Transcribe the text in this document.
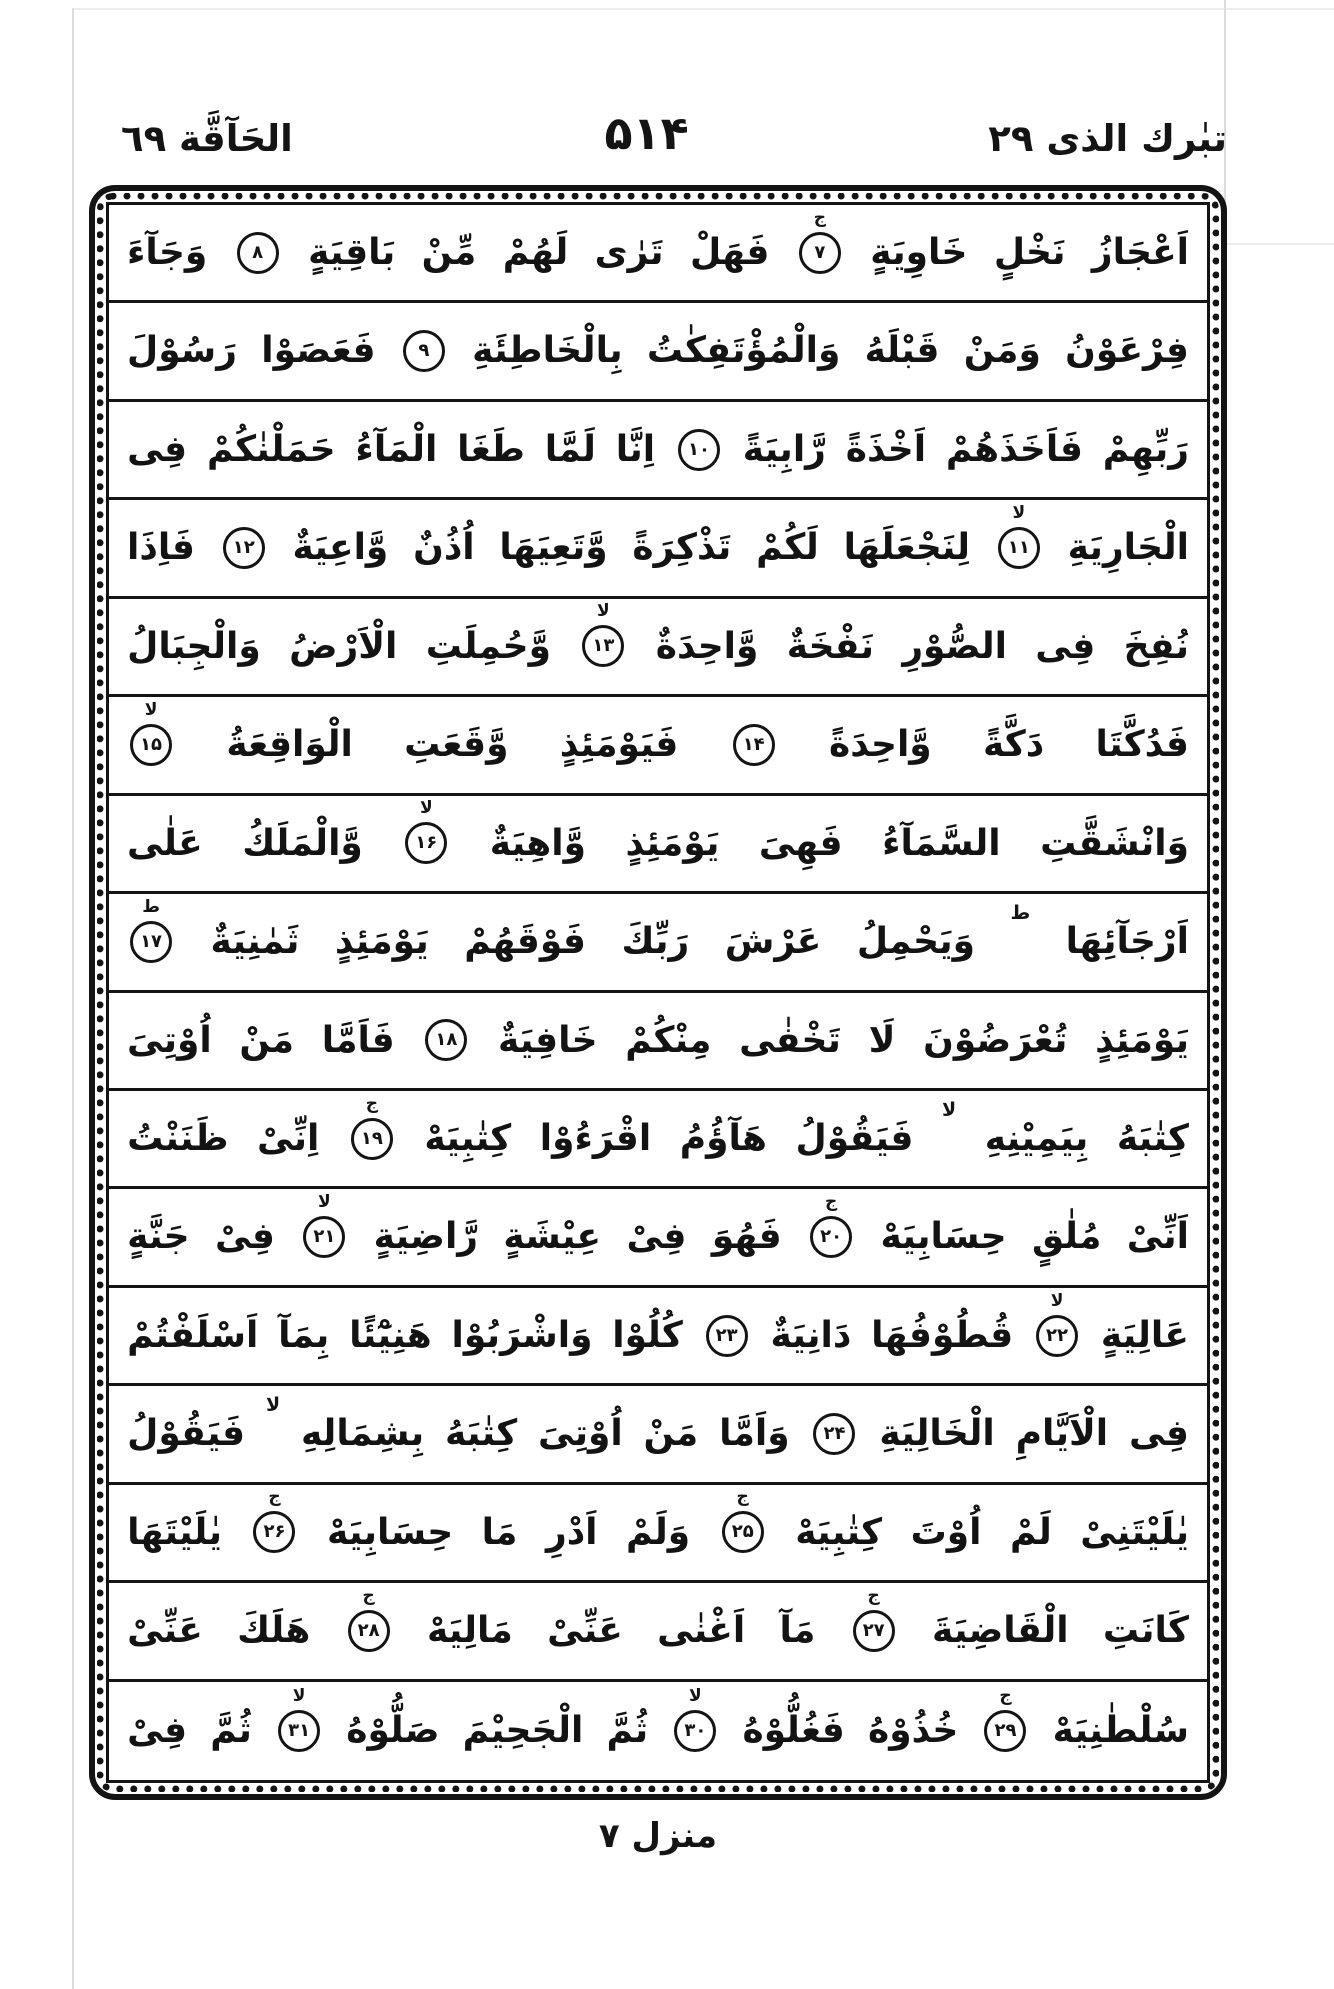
الحَآقَّة ٦٩	۵۱۴	تبٰرك الذى ٢٩
اَعْجَازُ
نَخْلٍ
خَاوِيَةٍ
ج
۷
فَهَلْ
تَرٰى
لَهُمْ
مِّنْ
بَاقِيَةٍ
۸
وَجَآءَ
فِرْعَوْنُ
وَمَنْ
قَبْلَهُ
وَالْمُؤْتَفِكٰتُ
بِالْخَاطِئَةِ
۹
فَعَصَوْا
رَسُوْلَ
رَبِّهِمْ
فَاَخَذَهُمْ
اَخْذَةً
رَّابِيَةً
۱۰
اِنَّا
لَمَّا
طَغَا
الْمَآءُ
حَمَلْنٰكُمْ
فِى
الْجَارِيَةِ
لا
۱۱
لِنَجْعَلَهَا
لَكُمْ
تَذْكِرَةً
وَّتَعِيَهَا
اُذُنٌ
وَّاعِيَةٌ
۱۲
فَاِذَا
نُفِخَ
فِى
الصُّوْرِ
نَفْخَةٌ
وَّاحِدَةٌ
لا
۱۳
وَّحُمِلَتِ
الْاَرْضُ
وَالْجِبَالُ
فَدُكَّتَا
دَكَّةً
وَّاحِدَةً
۱۴
فَيَوْمَئِذٍ
وَّقَعَتِ
الْوَاقِعَةُ
لا
۱۵
وَانْشَقَّتِ
السَّمَآءُ
فَهِىَ
يَوْمَئِذٍ
وَّاهِيَةٌ
لا
۱۶
وَّالْمَلَكُ
عَلٰى
اَرْجَآئِهَا
ط
وَيَحْمِلُ
عَرْشَ
رَبِّكَ
فَوْقَهُمْ
يَوْمَئِذٍ
ثَمٰنِيَةٌ
ط
۱۷
يَوْمَئِذٍ
تُعْرَضُوْنَ
لَا
تَخْفٰى
مِنْكُمْ
خَافِيَةٌ
۱۸
فَاَمَّا
مَنْ
اُوْتِىَ
كِتٰبَهُ
بِيَمِيْنِهِ
لا
فَيَقُوْلُ
هَآؤُمُ
اقْرَءُوْا
كِتٰبِيَهْ
ج
۱۹
اِنِّىْ
ظَنَنْتُ
اَنِّىْ
مُلٰقٍ
حِسَابِيَهْ
ج
۲۰
فَهُوَ
فِىْ
عِيْشَةٍ
رَّاضِيَةٍ
لا
۲۱
فِىْ
جَنَّةٍ
عَالِيَةٍ
لا
۲۲
قُطُوْفُهَا
دَانِيَةٌ
۲۳
كُلُوْا
وَاشْرَبُوْا
هَنِيْٓئًا
بِمَآ
اَسْلَفْتُمْ
فِى
الْاَيَّامِ
الْخَالِيَةِ
۲۴
وَاَمَّا
مَنْ
اُوْتِىَ
كِتٰبَهُ
بِشِمَالِهِ
لا
فَيَقُوْلُ
يٰلَيْتَنِىْ
لَمْ
اُوْتَ
كِتٰبِيَهْ
ج
۲۵
وَلَمْ
اَدْرِ
مَا
حِسَابِيَهْ
ج
۲۶
يٰلَيْتَهَا
كَانَتِ
الْقَاضِيَةَ
ج
۲۷
مَآ
اَغْنٰى
عَنِّىْ
مَالِيَهْ
ج
۲۸
هَلَكَ
عَنِّىْ
سُلْطٰنِيَهْ
ج
۲۹
خُذُوْهُ
فَغُلُّوْهُ
لا
۳۰
ثُمَّ
الْجَحِيْمَ
صَلُّوْهُ
لا
۳۱
ثُمَّ
فِىْ
منزل ۷
